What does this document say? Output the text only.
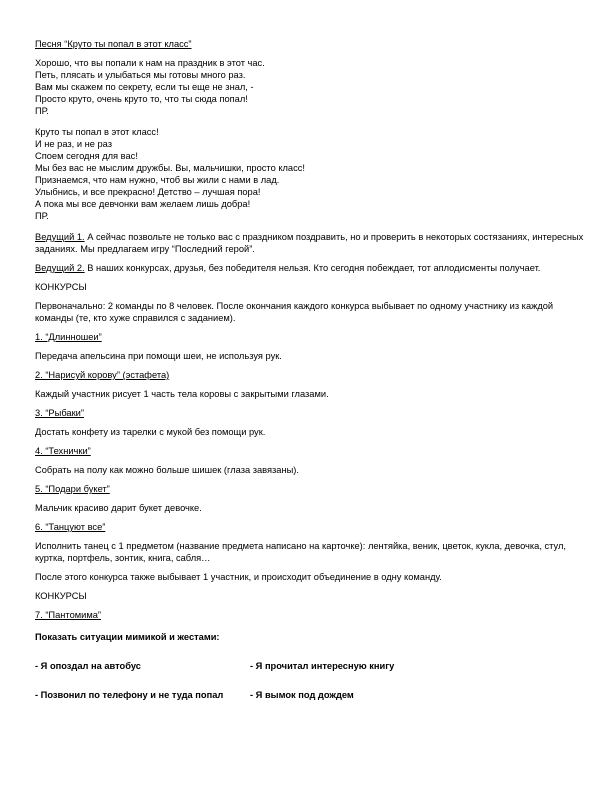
Песня “Круто ты попал в этот класс”
Хорошо, что вы попали к нам на праздник в этот час.
Петь, плясать и улыбаться мы готовы много раз.
Вам мы скажем по секрету, если ты еще не знал, -
Просто круто, очень круто то, что ты сюда попал!
ПР.
Круто ты попал в этот класс!
И не раз, и не раз
Споем сегодня для вас!
Мы без вас не мыслим дружбы. Вы, мальчишки, просто класс!
Признаемся, что нам нужно, чтоб вы жили с нами в лад.
Улыбнись, и все прекрасно! Детство – лучшая пора!
А пока мы все девчонки вам желаем лишь добра!
ПР.
Ведущий 1. А сейчас позвольте не только вас с праздником поздравить, но и проверить в некоторых состязаниях, интересных заданиях. Мы предлагаем игру “Последний герой”.
Ведущий 2. В наших конкурсах, друзья, без победителя нельзя. Кто сегодня побеждает, тот аплодисменты получает.
КОНКУРСЫ
Первоначально: 2 команды по 8 человек. После окончания каждого конкурса выбывает по одному участнику из каждой команды (те, кто хуже справился с заданием).
1. “Длинношеи”
Передача апельсина при помощи шеи, не используя рук.
2. “Нарисуй корову” (эстафета)
Каждый участник рисует 1 часть тела коровы с закрытыми глазами.
3. “Рыбаки”
Достать конфету из тарелки с мукой без помощи рук.
4. “Технички”
Собрать на полу как можно больше шишек (глаза завязаны).
5. “Подари букет”
Мальчик красиво дарит букет девочке.
6. “Танцуют все”
Исполнить танец с 1 предметом (название предмета написано на карточке): лентяйка, веник, цветок, кукла, девочка, стул, куртка, портфель, зонтик, книга, сабля…
После этого конкурса также выбывает 1 участник, и происходит объединение в одну команду.
КОНКУРСЫ
7. “Пантомима”
Показать ситуации мимикой и жестами:
- Я опоздал на автобус	- Я прочитал интересную книгу
- Позвонил по телефону и не туда попал	- Я вымок под дождем
